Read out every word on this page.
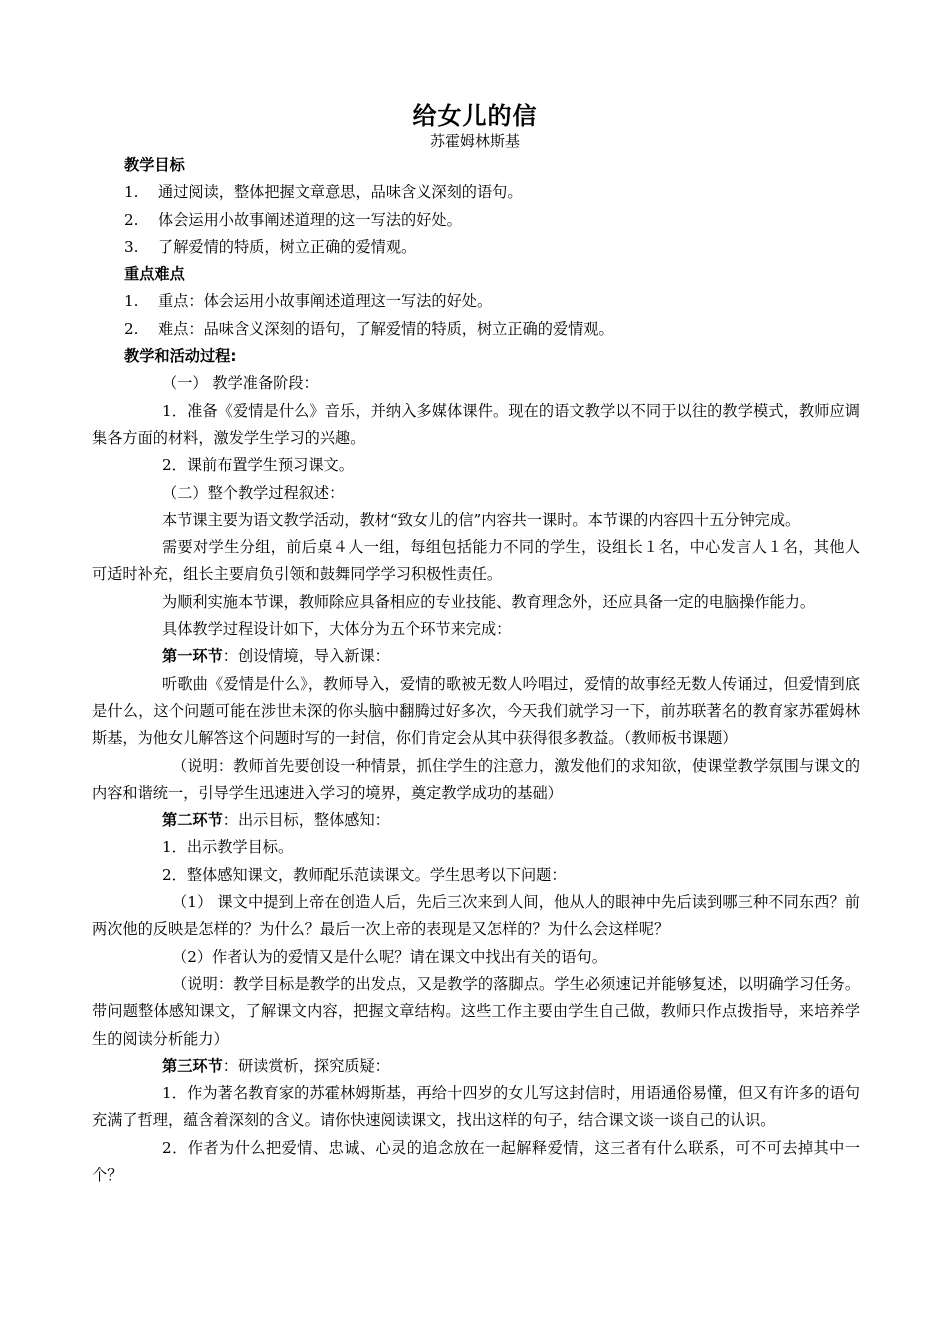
给女儿的信
苏霍姆林斯基
教学目标
1. 通过阅读，整体把握文章意思，品味含义深刻的语句。
2. 体会运用小故事阐述道理的这一写法的好处。
3. 了解爱情的特质，树立正确的爱情观。
重点难点
1. 重点：体会运用小故事阐述道理这一写法的好处。
2. 难点：品味含义深刻的语句，了解爱情的特质，树立正确的爱情观。
教学和活动过程:
（一） 教学准备阶段：
1．准备《爱情是什么》音乐，并纳入多媒体课件。现在的语文教学以不同于以往的教学模式，教师应调集各方面的材料，激发学生学习的兴趣。
2．课前布置学生预习课文。
（二）整个教学过程叙述：
本节课主要为语文教学活动，教材“致女儿的信”内容共一课时。本节课的内容四十五分钟完成。
需要对学生分组，前后桌４人一组，每组包括能力不同的学生，设组长１名，中心发言人１名，其他人可适时补充，组长主要肩负引领和鼓舞同学学习积极性责任。
为顺利实施本节课，教师除应具备相应的专业技能、教育理念外，还应具备一定的电脑操作能力。
具体教学过程设计如下，大体分为五个环节来完成：
第一环节：创设情境，导入新课：
听歌曲《爱情是什么》，教师导入，爱情的歌被无数人吟唱过，爱情的故事经无数人传诵过，但爱情到底是什么，这个问题可能在涉世未深的你头脑中翻腾过好多次，今天我们就学习一下，前苏联著名的教育家苏霍姆林斯基，为他女儿解答这个问题时写的一封信，你们肯定会从其中获得很多教益。（教师板书课题）
（说明：教师首先要创设一种情景，抓住学生的注意力，激发他们的求知欲，使课堂教学氛围与课文的内容和谐统一，引导学生迅速进入学习的境界，奠定教学成功的基础）
第二环节：出示目标，整体感知：
1．出示教学目标。
2．整体感知课文，教师配乐范读课文。学生思考以下问题：
（1） 课文中提到上帝在创造人后，先后三次来到人间，他从人的眼神中先后读到哪三种不同东西？前两次他的反映是怎样的？为什么？最后一次上帝的表现是又怎样的？为什么会这样呢？
（2）作者认为的爱情又是什么呢？请在课文中找出有关的语句。
（说明：教学目标是教学的出发点，又是教学的落脚点。学生必须速记并能够复述，以明确学习任务。带问题整体感知课文，了解课文内容，把握文章结构。这些工作主要由学生自己做，教师只作点拨指导，来培养学生的阅读分析能力）
第三环节：研读赏析，探究质疑：
1．作为著名教育家的苏霍林姆斯基，再给十四岁的女儿写这封信时，用语通俗易懂，但又有许多的语句充满了哲理，蕴含着深刻的含义。请你快速阅读课文，找出这样的句子，结合课文谈一谈自己的认识。
2．作者为什么把爱情、忠诚、心灵的追念放在一起解释爱情，这三者有什么联系，可不可去掉其中一个？
